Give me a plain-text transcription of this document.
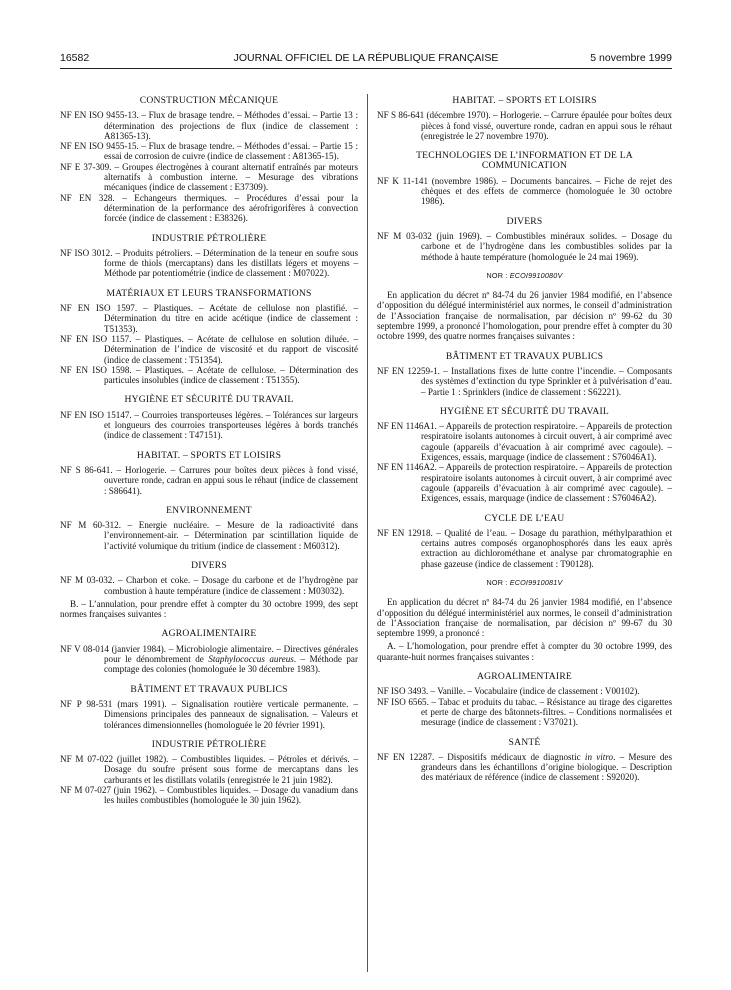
16582	JOURNAL OFFICIEL DE LA RÉPUBLIQUE FRANÇAISE	5 novembre 1999
CONSTRUCTION MÉCANIQUE

NF EN ISO 9455-13. – Flux de brasage tendre. – Méthodes d’essai. – Partie 13 : détermination des projections de flux (indice de classement : A81365-13).

NF EN ISO 9455-15. – Flux de brasage tendre. – Méthodes d’essai. – Partie 15 : essai de corrosion de cuivre (indice de classement : A81365-15).

NF E 37-309. – Groupes électrogènes à courant alternatif entraînés par moteurs alternatifs à combustion interne. – Mesurage des vibrations mécaniques (indice de classement : E37309).

NF EN 328. – Echangeurs thermiques. – Procédures d’essai pour la détermination de la performance des aérofrigorifères à convection forcée (indice de classement : E38326).

INDUSTRIE PÉTROLIÈRE

NF ISO 3012. – Produits pétroliers. – Détermination de la teneur en soufre sous forme de thiols (mercaptans) dans les distillats légers et moyens – Méthode par potentiométrie (indice de classement : M07022).

MATÉRIAUX ET LEURS TRANSFORMATIONS

NF EN ISO 1597. – Plastiques. – Acétate de cellulose non plastifié. – Détermination du titre en acide acétique (indice de classement : T51353).

NF EN ISO 1157. – Plastiques. – Acétate de cellulose en solution diluée. – Détermination de l’indice de viscosité et du rapport de viscosité (indice de classement : T51354).

NF EN ISO 1598. – Plastiques. – Acétate de cellulose. – Détermination des particules insolubles (indice de classement : T51355).

HYGIÈNE ET SÉCURITÉ DU TRAVAIL

NF EN ISO 15147. – Courroies transporteuses légères. – Tolérances sur largeurs et longueurs des courroies transporteuses légères à bords tranchés (indice de classement : T47151).

HABITAT. – SPORTS ET LOISIRS

NF S 86-641. – Horlogerie. – Carrures pour boîtes deux pièces à fond vissé, ouverture ronde, cadran en appui sous le réhaut (indice de classement : S86641).

ENVIRONNEMENT

NF M 60-312. – Energie nucléaire. – Mesure de la radioactivité dans l’environnement-air. – Détermination par scintillation liquide de l’activité volumique du tritium (indice de classement : M60312).

DIVERS

NF M 03-032. – Charbon et coke. – Dosage du carbone et de l’hydrogène par combustion à haute température (indice de classement : M03032).

B. – L’annulation, pour prendre effet à compter du 30 octobre 1999, des sept normes françaises suivantes :

AGROALIMENTAIRE

NF V 08-014 (janvier 1984). – Microbiologie alimentaire. – Directives générales pour le dénombrement de Staphylococcus aureus. – Méthode par comptage des colonies (homologuée le 30 décembre 1983).

BÂTIMENT ET TRAVAUX PUBLICS

NF P 98-531 (mars 1991). – Signalisation routière verticale permanente. – Dimensions principales des panneaux de signalisation. – Valeurs et tolérances dimensionnelles (homologuée le 20 février 1991).

INDUSTRIE PÉTROLIÈRE

NF M 07-022 (juillet 1982). – Combustibles liquides. – Pétroles et dérivés. – Dosage du soufre présent sous forme de mercaptans dans les carburants et les distillats volatils (enregistrée le 21 juin 1982).

NF M 07-027 (juin 1962). – Combustibles liquides. – Dosage du vanadium dans les huiles combustibles (homologuée le 30 juin 1962).

HABITAT. – SPORTS ET LOISIRS

NF S 86-641 (décembre 1970). – Horlogerie. – Carrure épaulée pour boîtes deux pièces à fond vissé, ouverture ronde, cadran en appui sous le réhaut (enregistrée le 27 novembre 1970).

TECHNOLOGIES DE L’INFORMATION ET DE LA COMMUNICATION

NF K 11-141 (novembre 1986). – Documents bancaires. – Fiche de rejet des chèques et des effets de commerce (homologuée le 30 octobre 1986).

DIVERS

NF M 03-032 (juin 1969). – Combustibles minéraux solides. – Dosage du carbone et de l’hydrogène dans les combustibles solides par la méthode à haute température (homologuée le 24 mai 1969).

NOR : ECOI9910080V

En application du décret nº 84-74 du 26 janvier 1984 modifié, en l’absence d’opposition du délégué interministériel aux normes, le conseil d’administration de l’Association française de normalisation, par décision nº 99-62 du 30 septembre 1999, a prononcé l’homologation, pour prendre effet à compter du 30 octobre 1999, des quatre normes françaises suivantes :

BÂTIMENT ET TRAVAUX PUBLICS

NF EN 12259-1. – Installations fixes de lutte contre l’incendie. – Composants des systèmes d’extinction du type Sprinkler et à pulvérisation d’eau. – Partie 1 : Sprinklers (indice de classement : S62221).

HYGIÈNE ET SÉCURITÉ DU TRAVAIL

NF EN 1146A1. – Appareils de protection respiratoire. – Appareils de protection respiratoire isolants autonomes à circuit ouvert, à air comprimé avec cagoule (appareils d’évacuation à air comprimé avec cagoule). – Exigences, essais, marquage (indice de classement : S76046A1).

NF EN 1146A2. – Appareils de protection respiratoire. – Appareils de protection respiratoire isolants autonomes à circuit ouvert, à air comprimé avec cagoule (appareils d’évacuation à air comprimé avec cagoule). – Exigences, essais, marquage (indice de classement : S76046A2).

CYCLE DE L’EAU

NF EN 12918. – Qualité de l’eau. – Dosage du parathion, méthylparathion et certains autres composés organophosphorés dans les eaux après extraction au dichlorométhane et analyse par chromatographie en phase gazeuse (indice de classement : T90128).

NOR : ECOI9910081V

En application du décret nº 84-74 du 26 janvier 1984 modifié, en l’absence d’opposition du délégué interministériel aux normes, le conseil d’administration de l’Association française de normalisation, par décision nº 99-67 du 30 septembre 1999, a prononcé :

A. – L’homologation, pour prendre effet à compter du 30 octobre 1999, des quarante-huit normes françaises suivantes :

AGROALIMENTAIRE

NF ISO 3493. – Vanille. – Vocabulaire (indice de classement : V00102).

NF ISO 6565. – Tabac et produits du tabac. – Résistance au tirage des cigarettes et perte de charge des bâtonnets-filtres. – Conditions normalisées et mesurage (indice de classement : V37021).

SANTÉ

NF EN 12287. – Dispositifs médicaux de diagnostic in vitro. – Mesure des grandeurs dans les échantillons d’origine biologique. – Description des matériaux de référence (indice de classement : S92020).
